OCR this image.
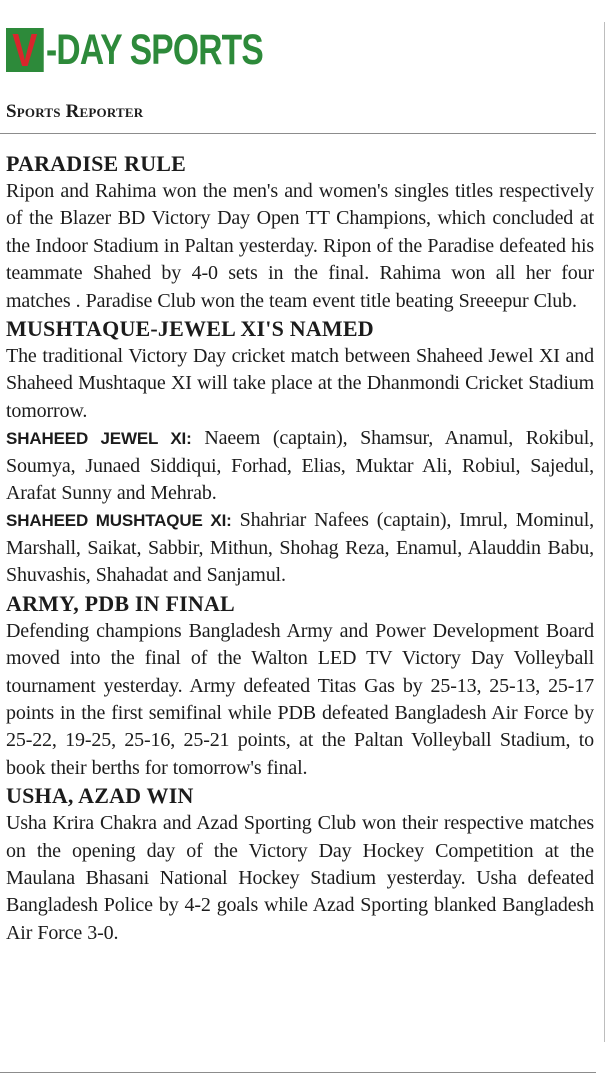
V -DAY SPORTS
Sports Reporter
PARADISE RULE

Ripon and Rahima won the men's and women's singles titles respectively of the Blazer BD Victory Day Open TT Champions, which concluded at the Indoor Stadium in Paltan yesterday. Ripon of the Paradise defeated his teammate Shahed by 4-0 sets in the final. Rahima won all her four matches . Paradise Club won the team event title beating Sreeepur Club.

MUSHTAQUE-JEWEL XI'S NAMED

The traditional Victory Day cricket match between Shaheed Jewel XI and Shaheed Mushtaque XI will take place at the Dhanmondi Cricket Stadium tomorrow.

SHAHEED JEWEL XI: Naeem (captain), Shamsur, Anamul, Rokibul, Soumya, Junaed Siddiqui, Forhad, Elias, Muktar Ali, Robiul, Sajedul, Arafat Sunny and Mehrab.

SHAHEED MUSHTAQUE XI: Shahriar Nafees (captain), Imrul, Mominul, Marshall, Saikat, Sabbir, Mithun, Shohag Reza, Enamul, Alauddin Babu, Shuvashis, Shahadat and Sanjamul.

ARMY, PDB IN FINAL

Defending champions Bangladesh Army and Power Development Board moved into the final of the Walton LED TV Victory Day Volleyball tournament yesterday. Army defeated Titas Gas by 25-13, 25-13, 25-17 points in the first semifinal while PDB defeated Bangladesh Air Force by 25-22, 19-25, 25-16, 25-21 points, at the Paltan Volleyball Stadium, to book their berths for tomorrow's final.

USHA, AZAD WIN

Usha Krira Chakra and Azad Sporting Club won their respective matches on the opening day of the Victory Day Hockey Competition at the Maulana Bhasani National Hockey Stadium yesterday. Usha defeated Bangladesh Police by 4-2 goals while Azad Sporting blanked Bangladesh Air Force 3-0.
